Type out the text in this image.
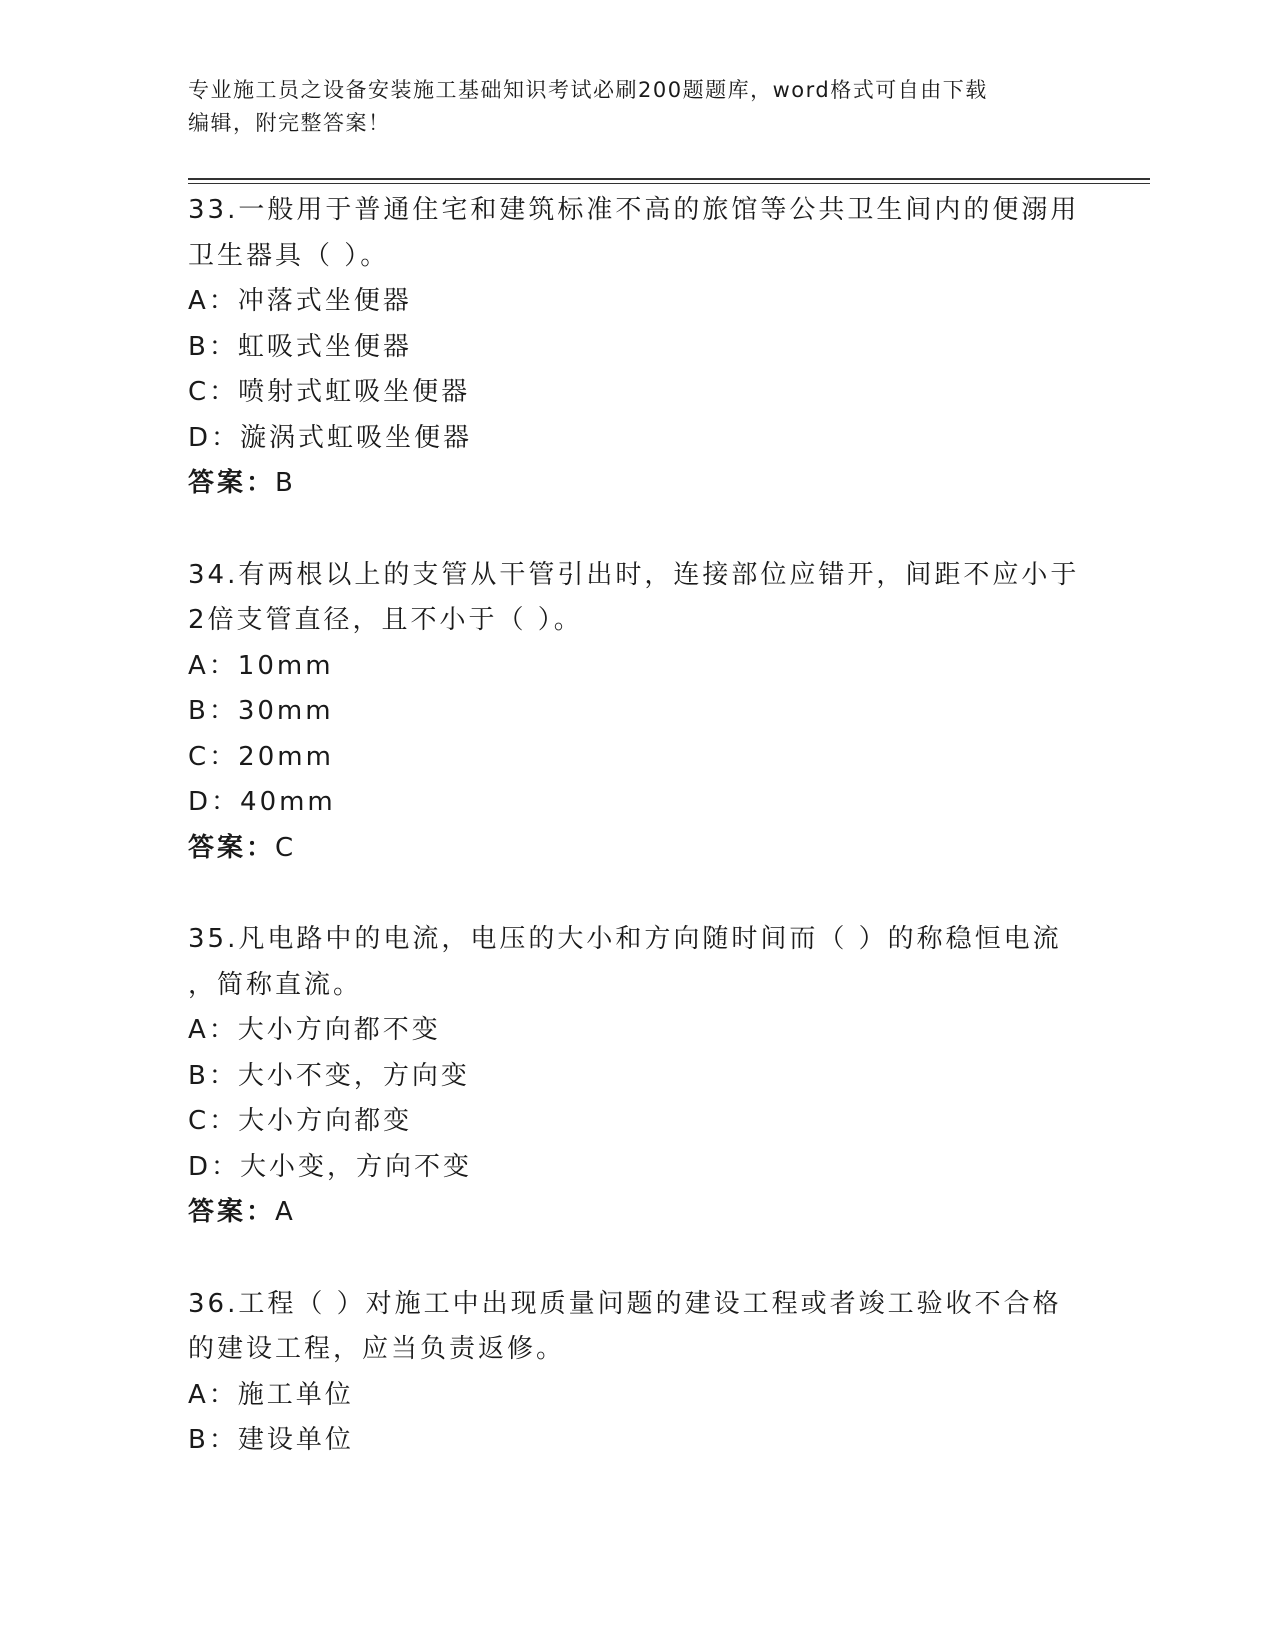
专业施工员之设备安装施工基础知识考试必刷200题题库，word格式可自由下载
编辑，附完整答案！
33.一般用于普通住宅和建筑标准不高的旅馆等公共卫生间内的便溺用
卫生器具（ ）。
A：冲落式坐便器
B：虹吸式坐便器
C：喷射式虹吸坐便器
D：漩涡式虹吸坐便器
答案：B
34.有两根以上的支管从干管引出时，连接部位应错开，间距不应小于
2倍支管直径，且不小于（ ）。
A：10mm
B：30mm
C：20mm
D：40mm
答案：C
35.凡电路中的电流，电压的大小和方向随时间而（ ）的称稳恒电流
，简称直流。
A：大小方向都不变
B：大小不变，方向变
C：大小方向都变
D：大小变，方向不变
答案：A
36.工程（ ）对施工中出现质量问题的建设工程或者竣工验收不合格
的建设工程，应当负责返修。
A：施工单位
B：建设单位
